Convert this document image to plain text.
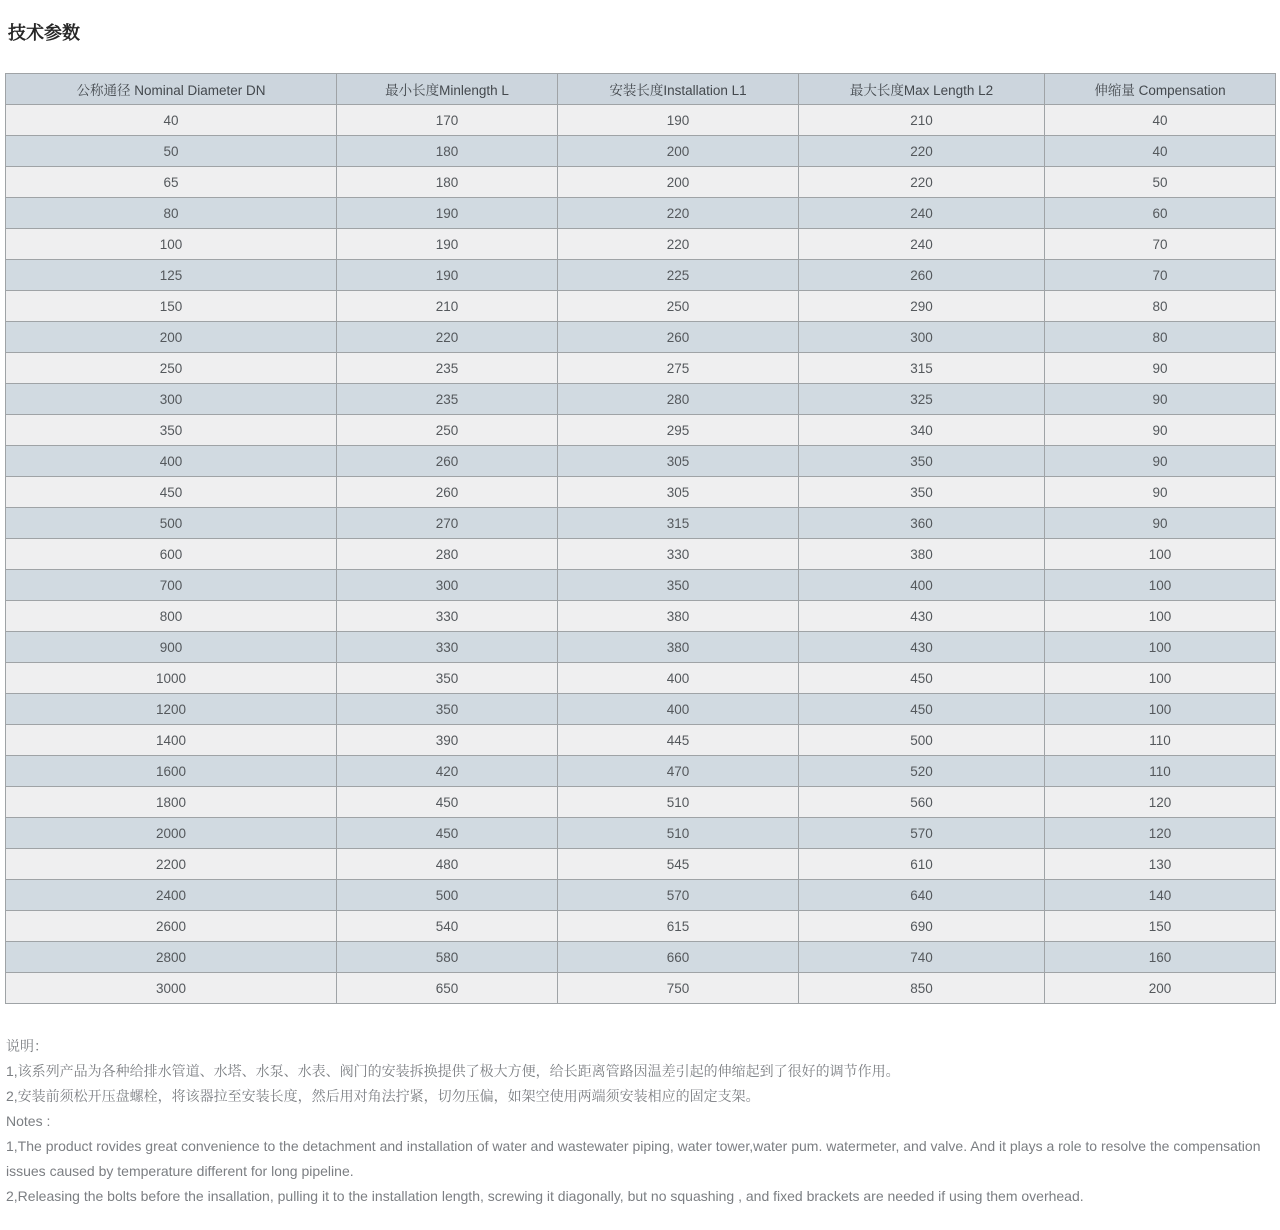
技术参数
公称通径 Nominal Diameter DN	最小长度Minlength L	安装长度Installation L1	最大长度Max Length L2	伸缩量 Compensation
40	170	190	210	40
50	180	200	220	40
65	180	200	220	50
80	190	220	240	60
100	190	220	240	70
125	190	225	260	70
150	210	250	290	80
200	220	260	300	80
250	235	275	315	90
300	235	280	325	90
350	250	295	340	90
400	260	305	350	90
450	260	305	350	90
500	270	315	360	90
600	280	330	380	100
700	300	350	400	100
800	330	380	430	100
900	330	380	430	100
1000	350	400	450	100
1200	350	400	450	100
1400	390	445	500	110
1600	420	470	520	110
1800	450	510	560	120
2000	450	510	570	120
2200	480	545	610	130
2400	500	570	640	140
2600	540	615	690	150
2800	580	660	740	160
3000	650	750	850	200

说明：

1,该系列产品为各种给排水管道、水塔、水泵、水表、阀门的安装拆换提供了极大方便，给长距离管路因温差引起的伸缩起到了很好的调节作用。

2,安装前须松开压盘螺栓，将该器拉至安装长度，然后用对角法拧紧，切勿压偏，如架空使用两端须安装相应的固定支架。

Notes :

1,The product rovides great convenience to the detachment and installation of water and wastewater piping, water tower,water pum. watermeter, and valve. And it plays a role to resolve the compensation issues caused by temperature different for long pipeline.

2,Releasing the bolts before the insallation, pulling it to the installation length, screwing it diagonally, but no squashing , and fixed brackets are needed if using them overhead.
